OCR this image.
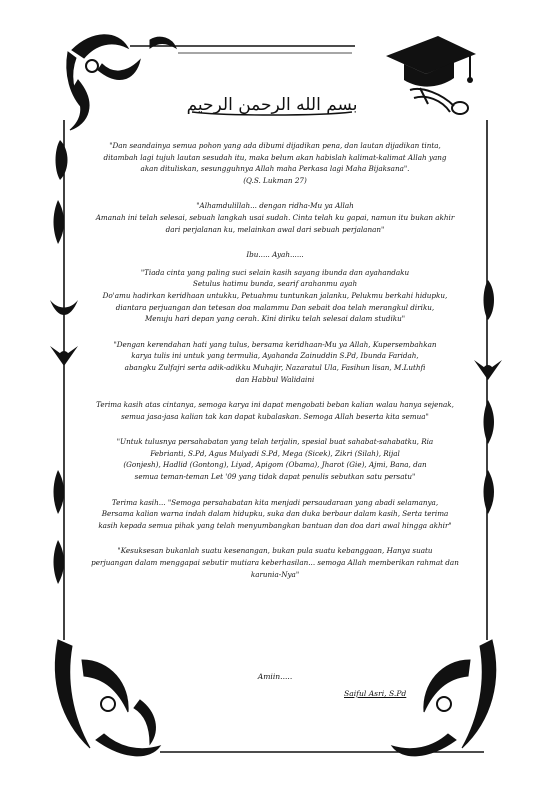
بسم الله الرحمن الرحيم
"Dan seandainya semua pohon yang ada dibumi dijadikan pena, dan lautan dijadikan tinta,
ditambah lagi tujuh lautan sesudah itu, maka belum akan habislah kalimat-kalimat Allah yang
akan dituliskan, sesungguhnya Allah maha Perkasa lagi Maha Bijaksana".
(Q.S. Lukman 27)
"Alhamdulillah... dengan ridha-Mu ya Allah
Amanah ini telah selesai, sebuah langkah usai sudah. Cinta telah ku gapai, namun itu bukan akhir
dari perjalanan ku, melainkan awal dari sebuah perjalanan"
Ibu..... Ayah......
"Tiada cinta yang paling suci selain kasih sayang ibunda dan ayahandaku
Setulus hatimu bunda, searif arahanmu ayah
Do'amu hadirkan keridhaan untukku, Petuahmu tuntunkan jalanku, Pelukmu berkahi hidupku,
diantara perjuangan dan tetesan doa malammu Dan sebait doa telah merangkul diriku,
Menuju hari depan yang cerah. Kini diriku telah selesai dalam studiku"
"Dengan kerendahan hati yang tulus, bersama keridhaan-Mu ya Allah, Kupersembahkan
karya tulis ini untuk yang termulia, Ayahanda Zainuddin S.Pd, Ibunda Faridah,
abangku Zulfajri serta adik-adikku Muhajir, Nazaratul Ula, Fasihun lisan, M.Luthfi
dan Habbul Walidaini
Terima kasih atas cintanya, semoga karya ini dapat mengobati beban kalian walau hanya sejenak,
semua jasa-jasa kalian tak kan dapat kubalaskan. Semoga Allah beserta kita semua"
"Untuk tulusnya persahabatan yang telah terjalin, spesial buat sahabat-sahabatku, Ria
Febrianti, S.Pd, Agus Mulyadi S.Pd, Mega (Sicek), Zikri (Silah), Rijal
(Gonjesh), Hadlid (Gontong), Liyad, Apigom (Obama), Jharot (Gie), Ajmi, Bana, dan
semua teman-teman Let '09 yang tidak dapat penulis sebutkan satu persatu"
Terima kasih... "Semoga persahabatan kita menjadi persaudaraan yang abadi selamanya,
Bersama kalian warna indah dalam hidupku, suka dan duka berbaur dalam kasih, Serta terima
kasih kepada semua pihak yang telah menyumbangkan bantuan dan doa dari awal hingga akhir"
"Kesuksesan bukanlah suatu kesenangan, bukan pula suatu kebanggaan, Hanya suatu
perjuangan dalam menggapai sebutir mutiara keberhasilan... semoga Allah memberikan rahmat dan
karunia-Nya"
Amiin.....
Saiful Asri, S.Pd
